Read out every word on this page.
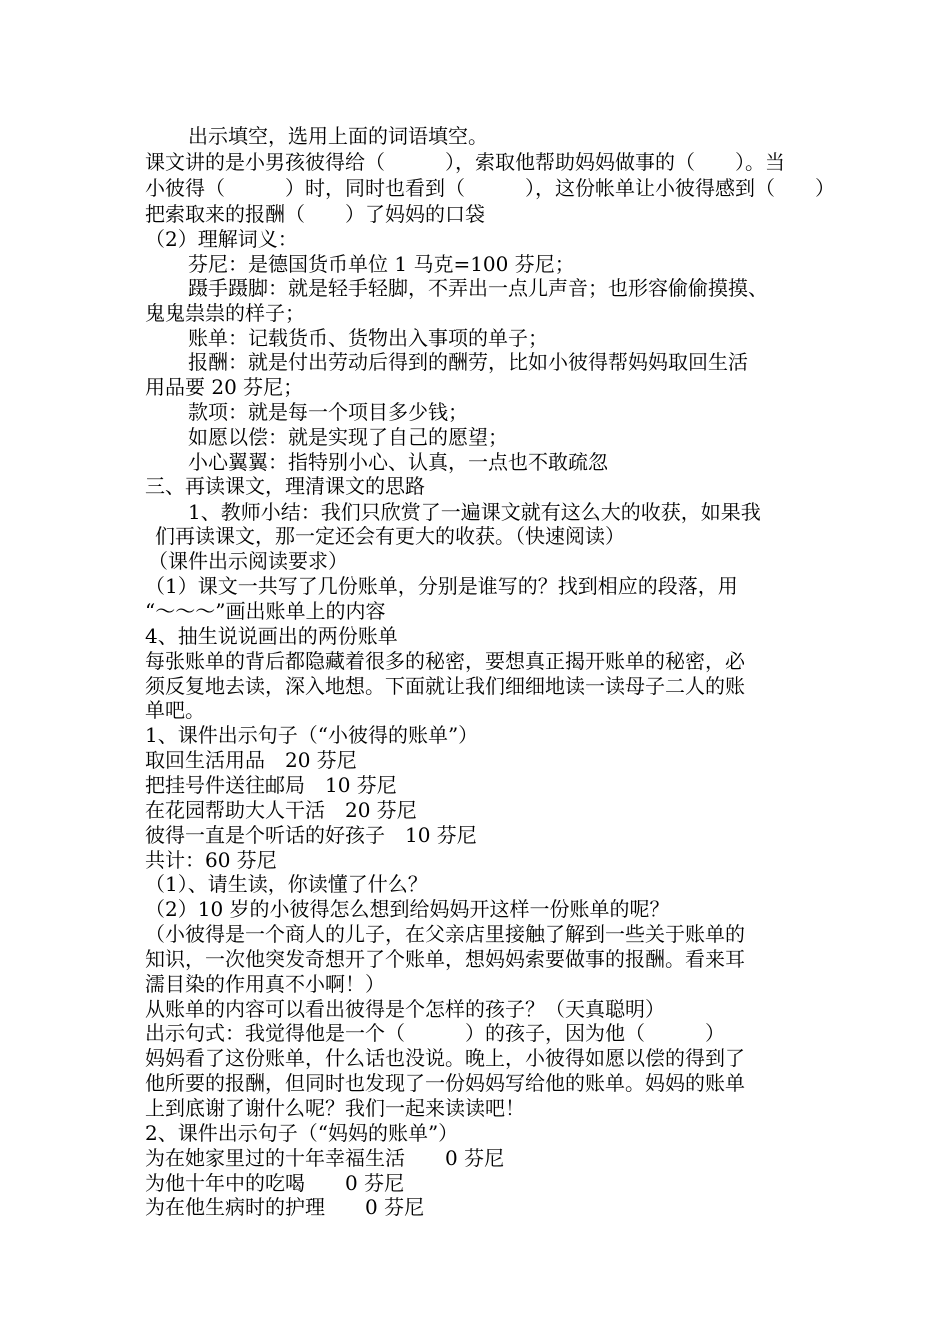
出示填空，选用上面的词语填空。
课文讲的是小男孩彼得给（　　　），索取他帮助妈妈做事的（　　）。当
小彼得（　　　）时，同时也看到（　　　），这份帐单让小彼得感到（　　）
把索取来的报酬（　　）了妈妈的口袋
（2）理解词义：
芬尼：是德国货币单位 1 马克=100 芬尼；
蹑手蹑脚：就是轻手轻脚，不弄出一点儿声音；也形容偷偷摸摸、
鬼鬼祟祟的样子；
账单：记载货币、货物出入事项的单子；
报酬：就是付出劳动后得到的酬劳，比如小彼得帮妈妈取回生活
用品要 20 芬尼；
款项：就是每一个项目多少钱；
如愿以偿：就是实现了自己的愿望；
小心翼翼：指特别小心、认真，一点也不敢疏忽
三、再读课文，理清课文的思路
1、教师小结：我们只欣赏了一遍课文就有这么大的收获，如果我
们再读课文，那一定还会有更大的收获。（快速阅读）
（课件出示阅读要求）
（1）课文一共写了几份账单，分别是谁写的？找到相应的段落，用
“～～～”画出账单上的内容
4、抽生说说画出的两份账单
每张账单的背后都隐藏着很多的秘密，要想真正揭开账单的秘密，必
须反复地去读，深入地想。下面就让我们细细地读一读母子二人的账
单吧。
1、课件出示句子（“小彼得的账单”）
取回生活用品　20 芬尼
把挂号件送往邮局　10 芬尼
在花园帮助大人干活　20 芬尼
彼得一直是个听话的好孩子　10 芬尼
共计：60 芬尼
（1）、请生读，你读懂了什么？
（2）10 岁的小彼得怎么想到给妈妈开这样一份账单的呢？
（小彼得是一个商人的儿子，在父亲店里接触了解到一些关于账单的
知识，一次他突发奇想开了个账单，想妈妈索要做事的报酬。看来耳
濡目染的作用真不小啊！）
从账单的内容可以看出彼得是个怎样的孩子？（天真聪明）
出示句式：我觉得他是一个（　　　）的孩子，因为他（　　　）
妈妈看了这份账单，什么话也没说。晚上，小彼得如愿以偿的得到了
他所要的报酬，但同时也发现了一份妈妈写给他的账单。妈妈的账单
上到底谢了谢什么呢？我们一起来读读吧！
2、课件出示句子（“妈妈的账单”）
为在她家里过的十年幸福生活　　0 芬尼
为他十年中的吃喝　　0 芬尼
为在他生病时的护理　　0 芬尼
